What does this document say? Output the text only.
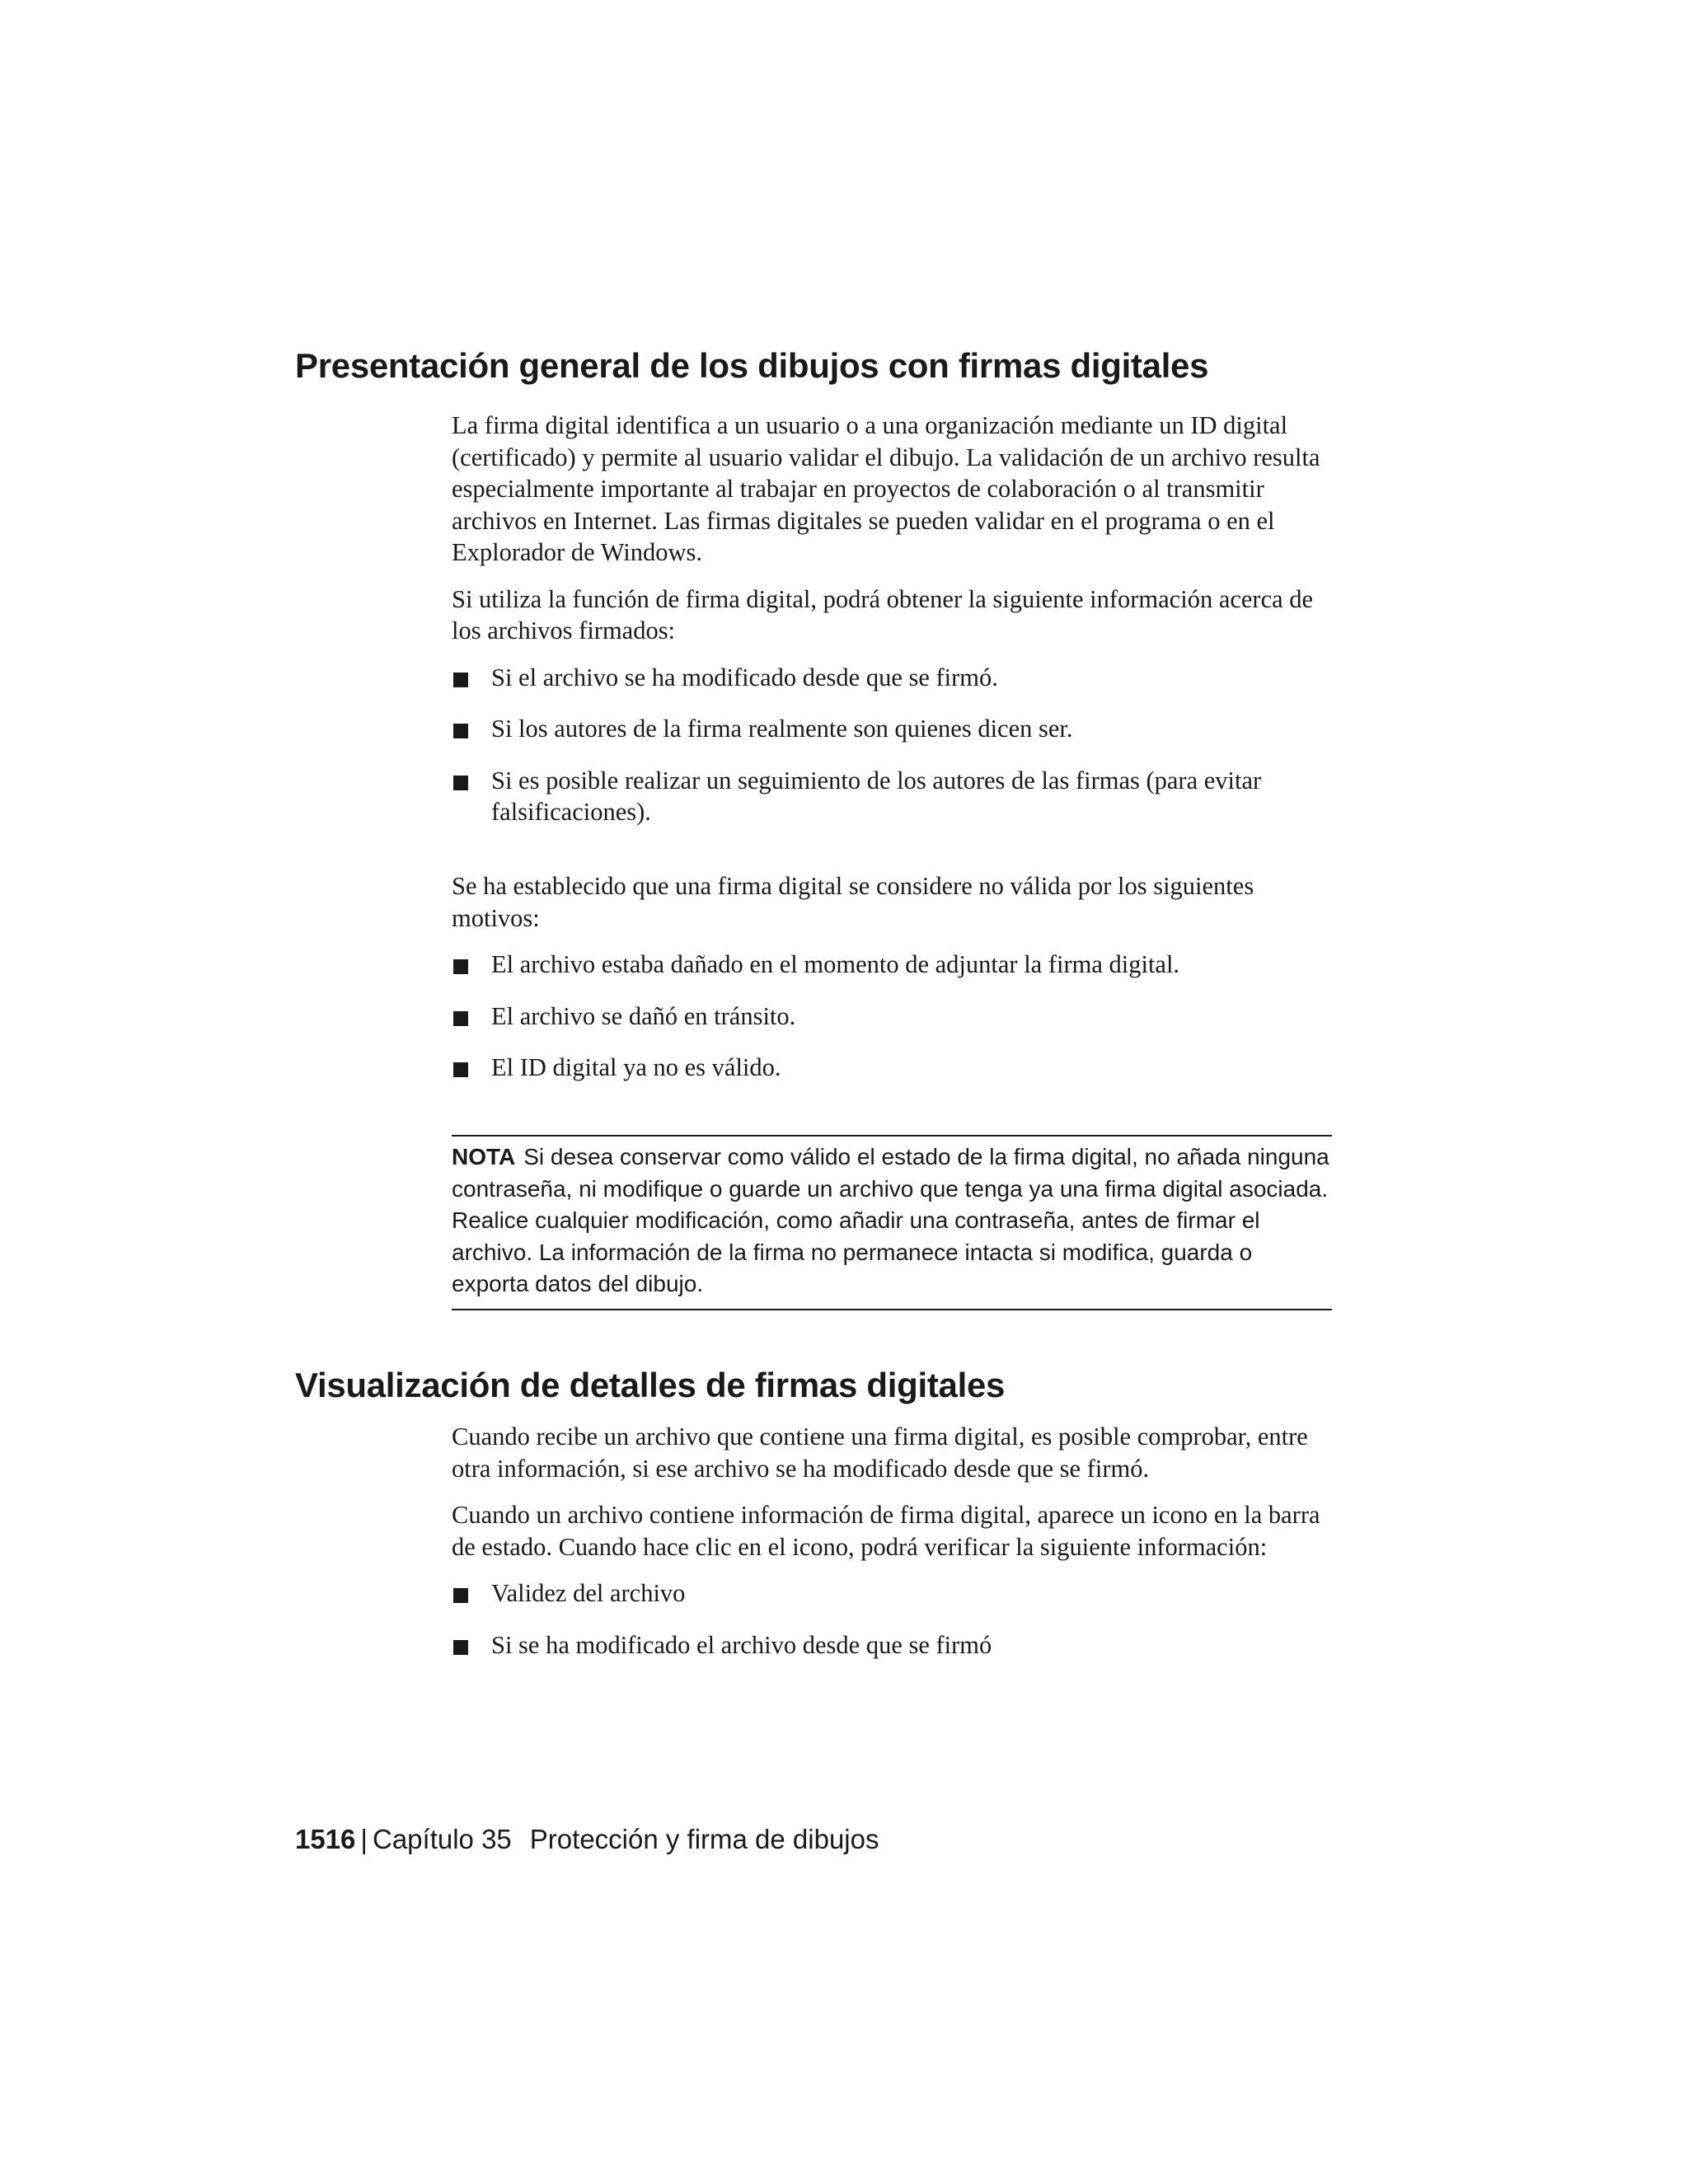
Presentación general de los dibujos con firmas digitales

La firma digital identifica a un usuario o a una organización mediante un ID digital (certificado) y permite al usuario validar el dibujo. La validación de un archivo resulta especialmente importante al trabajar en proyectos de colaboración o al transmitir archivos en Internet. Las firmas digitales se pueden validar en el programa o en el Explorador de Windows.

Si utiliza la función de firma digital, podrá obtener la siguiente información acerca de los archivos firmados:

Si el archivo se ha modificado desde que se firmó.
Si los autores de la firma realmente son quienes dicen ser.
Si es posible realizar un seguimiento de los autores de las firmas (para evitar falsificaciones).

Se ha establecido que una firma digital se considere no válida por los siguientes motivos:

El archivo estaba dañado en el momento de adjuntar la firma digital.
El archivo se dañó en tránsito.
El ID digital ya no es válido.
NOTA Si desea conservar como válido el estado de la firma digital, no añada ninguna contraseña, ni modifique o guarde un archivo que tenga ya una firma digital asociada. Realice cualquier modificación, como añadir una contraseña, antes de firmar el archivo. La información de la firma no permanece intacta si modifica, guarda o exporta datos del dibujo.
Visualización de detalles de firmas digitales

Cuando recibe un archivo que contiene una firma digital, es posible comprobar, entre otra información, si ese archivo se ha modificado desde que se firmó.

Cuando un archivo contiene información de firma digital, aparece un icono en la barra de estado. Cuando hace clic en el icono, podrá verificar la siguiente información:

Validez del archivo
Si se ha modificado el archivo desde que se firmó
1516 | Capítulo 35 Protección y firma de dibujos
